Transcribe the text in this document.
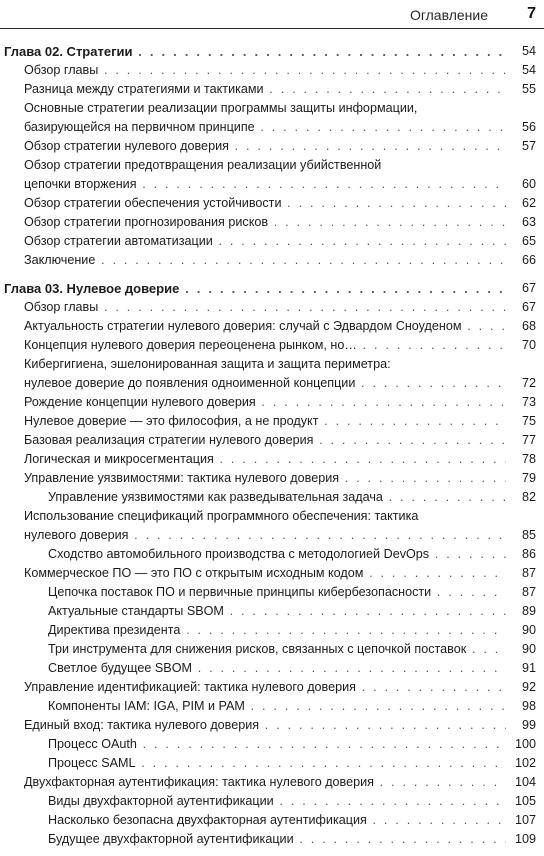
Оглавление 7
Глава 02. Стратегии . . .	54
Обзор главы . . .	54
Разница между стратегиями и тактиками . . .	55
Основные стратегии реализации программы защиты информации,
базирующейся на первичном принципе . . .	56
Обзор стратегии нулевого доверия . . .	57
Обзор стратегии предотвращения реализации убийственной
цепочки вторжения . . .	60
Обзор стратегии обеспечения устойчивости . . .	62
Обзор стратегии прогнозирования рисков . . .	63
Обзор стратегии автоматизации . . .	65
Заключение . . .	66
Глава 03. Нулевое доверие . . .	67
Обзор главы . . .	67
Актуальность стратегии нулевого доверия: случай с Эдвардом Сноуденом . . .	68
Концепция нулевого доверия переоценена рынком, но… . . .	70
Кибергигиена, эшелонированная защита и защита периметра:
нулевое доверие до появления одноименной концепции . . .	72
Рождение концепции нулевого доверия . . .	73
Нулевое доверие — это философия, а не продукт . . .	75
Базовая реализация стратегии нулевого доверия . . .	77
Логическая и микросегментация . . .	78
Управление уязвимостями: тактика нулевого доверия . . .	79
Управление уязвимостями как разведывательная задача . . .	82
Использование спецификаций программного обеспечения: тактика
нулевого доверия . . .	85
Сходство автомобильного производства с методологией DevOps . . .	86
Коммерческое ПО — это ПО с открытым исходным кодом . . .	87
Цепочка поставок ПО и первичные принципы кибербезопасности . . .	87
Актуальные стандарты SBOM . . .	89
Директива президента . . .	90
Три инструмента для снижения рисков, связанных с цепочкой поставок . . .	90
Светлое будущее SBOM . . .	91
Управление идентификацией: тактика нулевого доверия . . .	92
Компоненты IAM: IGA, PIM и PAM . . .	98
Единый вход: тактика нулевого доверия . . .	99
Процесс OAuth . . .	100
Процесс SAML . . .	102
Двухфакторная аутентификация: тактика нулевого доверия . . .	104
Виды двухфакторной аутентификации . . .	105
Насколько безопасна двухфакторная аутентификация . . .	107
Будущее двухфакторной аутентификации . . .	109
